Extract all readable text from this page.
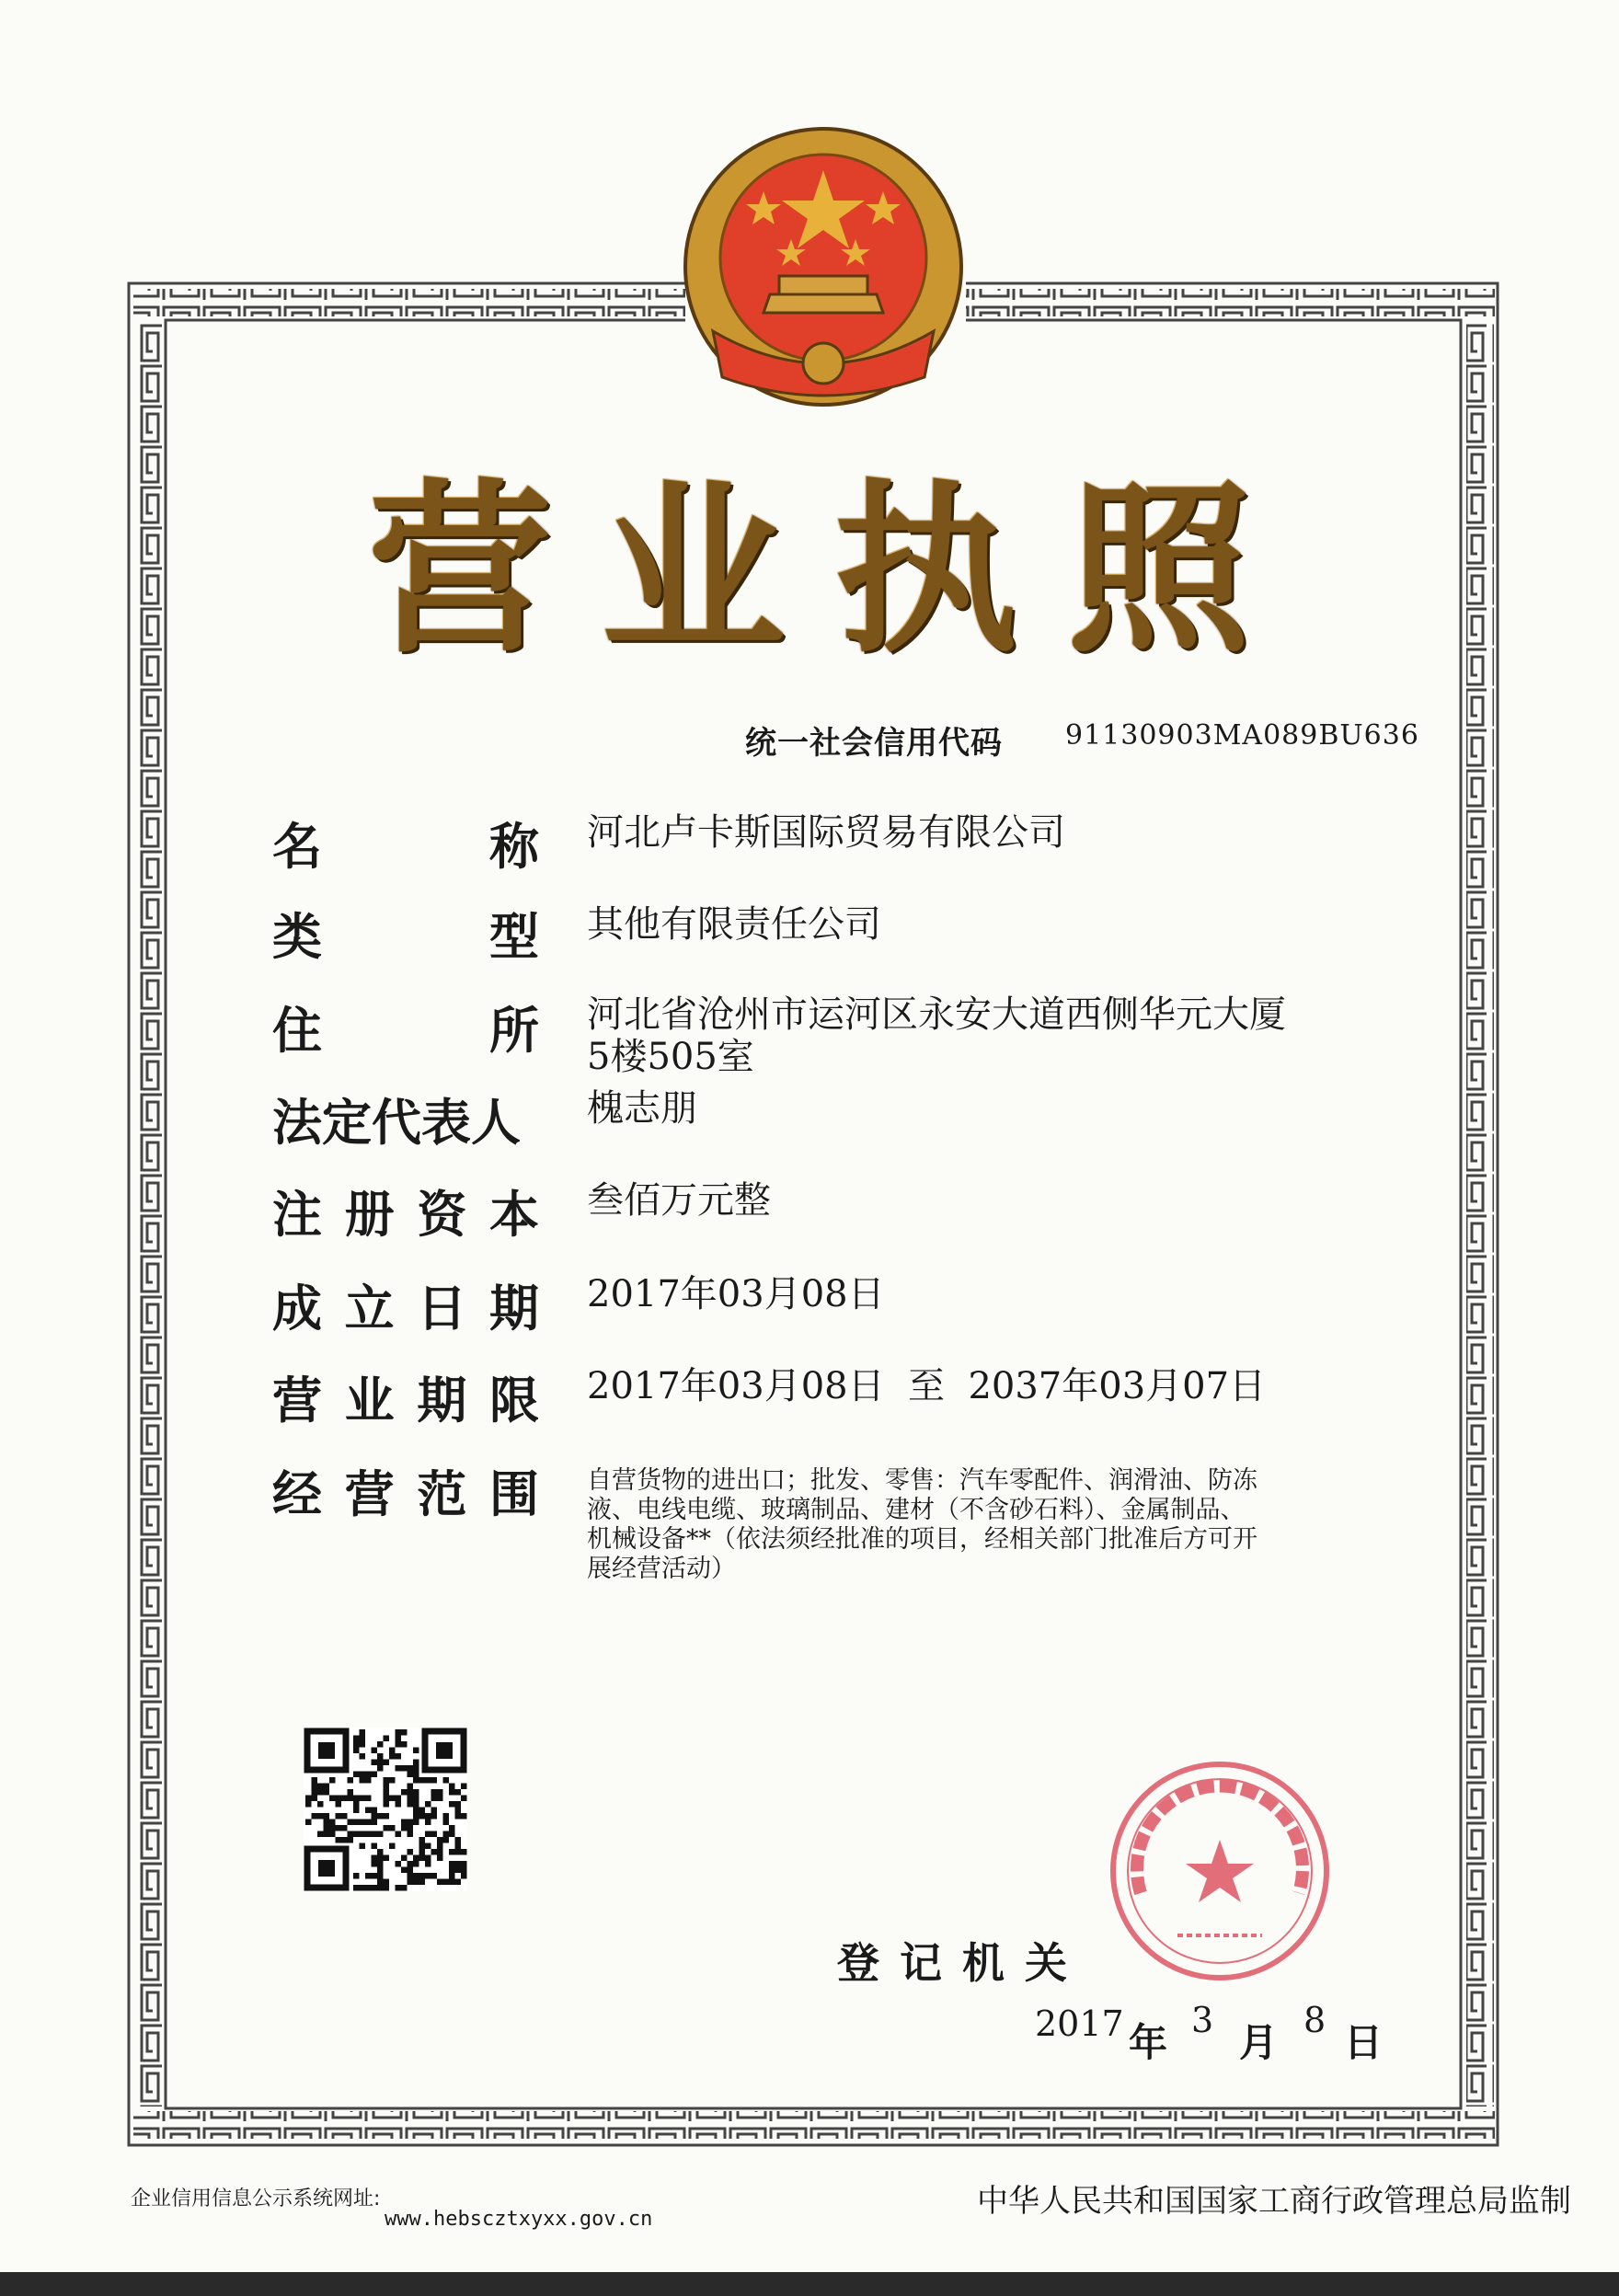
营 业 执 照
统一社会信用代码 91130903MA089BU636
名	称 河北卢卡斯国际贸易有限公司
类	型 其他有限责任公司
住	所 河北省沧州市运河区永安大道西侧华元大厦
5楼505室
法定代表人	槐志朋
注 册 资 本 叁佰万元整
成 立 日 期 2017年03月08日
营 业 期 限 2017年03月08日  至  2037年03月07日
经 营 范 围 自营货物的进出口；批发、零售：汽车零配件、润滑油、防冻
液、电线电缆、玻璃制品、建材（不含砂石料）、金属制品、
机械设备**（依法须经批准的项目，经相关部门批准后方可开
展经营活动）
登记机关
2017 年 3 月 8 日
企业信用信息公示系统网址:
www.hebscztxyxx.gov.cn	中华人民共和国国家工商行政管理总局监制
